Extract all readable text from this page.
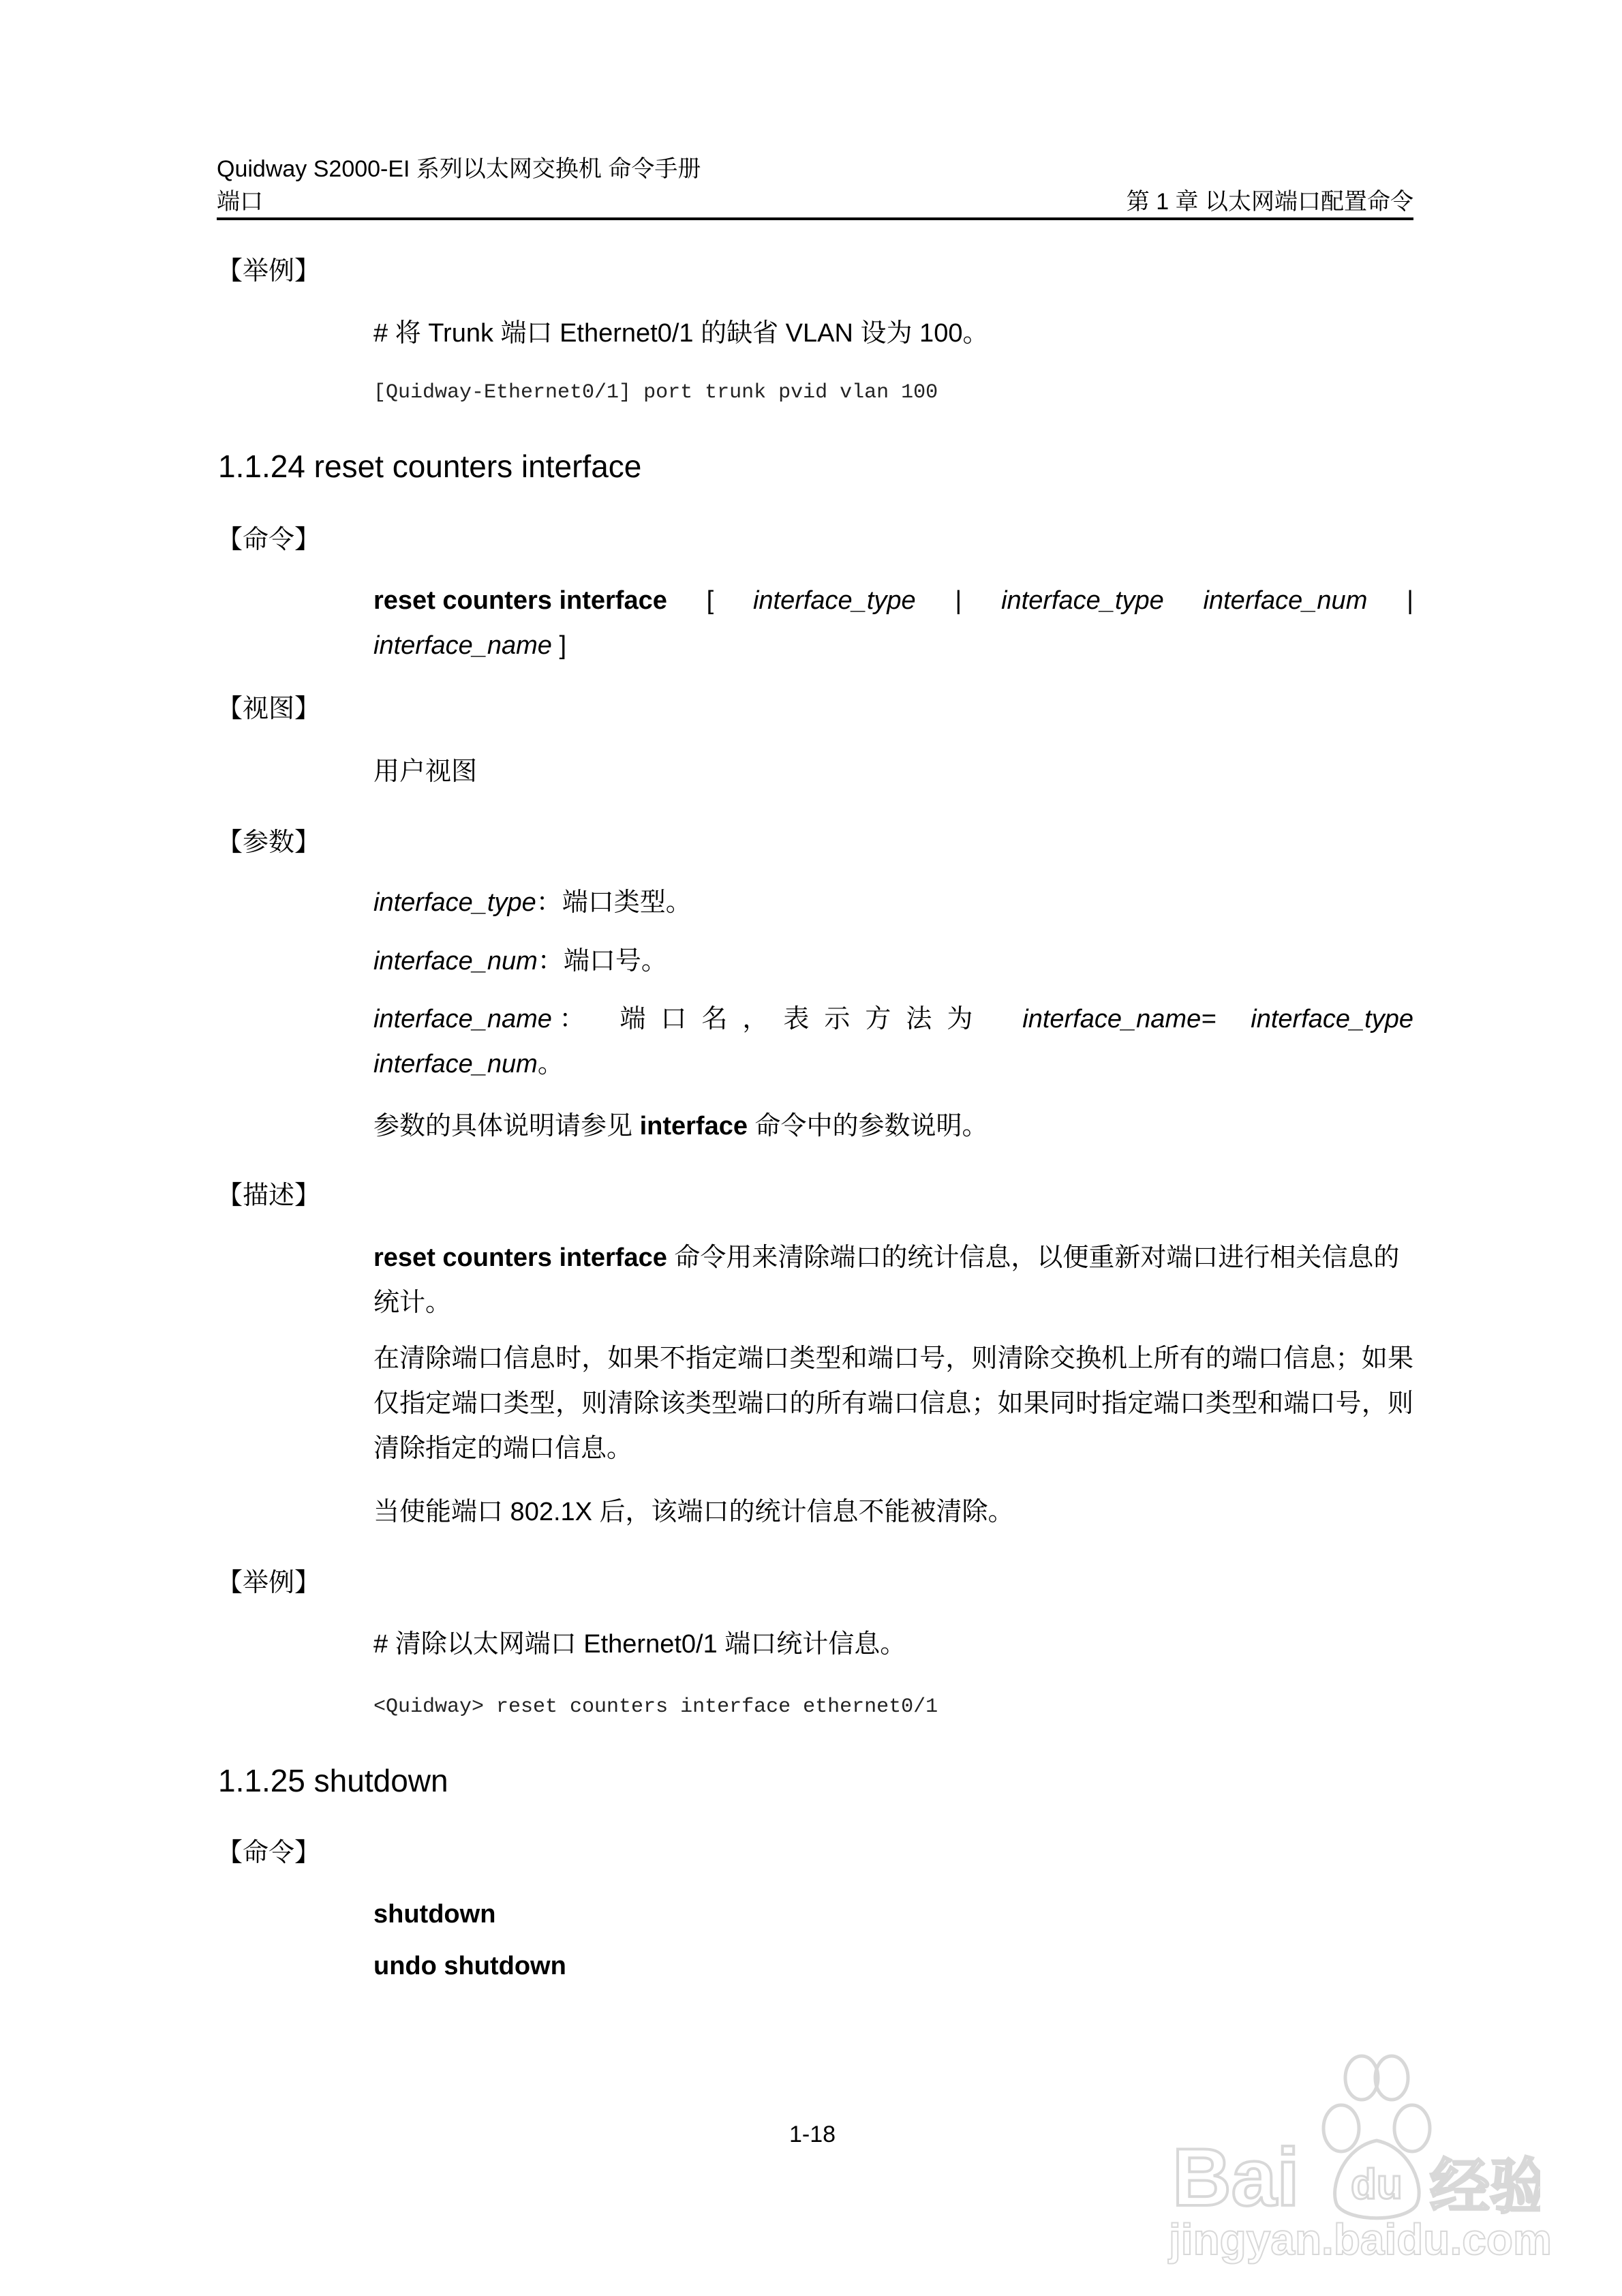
Quidway S2000-EI 系列以太网交换机 命令手册
端口	第 1 章 以太网端口配置命令
【举例】
# 将 Trunk 端口 Ethernet0/1 的缺省 VLAN 设为 100。
[Quidway-Ethernet0/1] port trunk pvid vlan 100
1.1.24 reset counters interface
【命令】
reset counters interface [ interface_type | interface_type interface_num |
interface_name ]
【视图】
用户视图
【参数】
interface_type：端口类型。
interface_num：端口号。
interface_name ： 端口名，表示方法为 interface_name= interface_type
interface_num。
参数的具体说明请参见 interface 命令中的参数说明。
【描述】
reset counters interface 命令用来清除端口的统计信息，以便重新对端口进行相关信息的统计。
在清除端口信息时，如果不指定端口类型和端口号，则清除交换机上所有的端口信息；如果仅指定端口类型，则清除该类型端口的所有端口信息；如果同时指定端口类型和端口号，则清除指定的端口信息。
当使能端口 802.1X 后，该端口的统计信息不能被清除。
【举例】
# 清除以太网端口 Ethernet0/1 端口统计信息。
<Quidway> reset counters interface ethernet0/1
1.1.25 shutdown
【命令】
shutdown
undo shutdown
1-18	Bai du 经验
jingyan.baidu.com
